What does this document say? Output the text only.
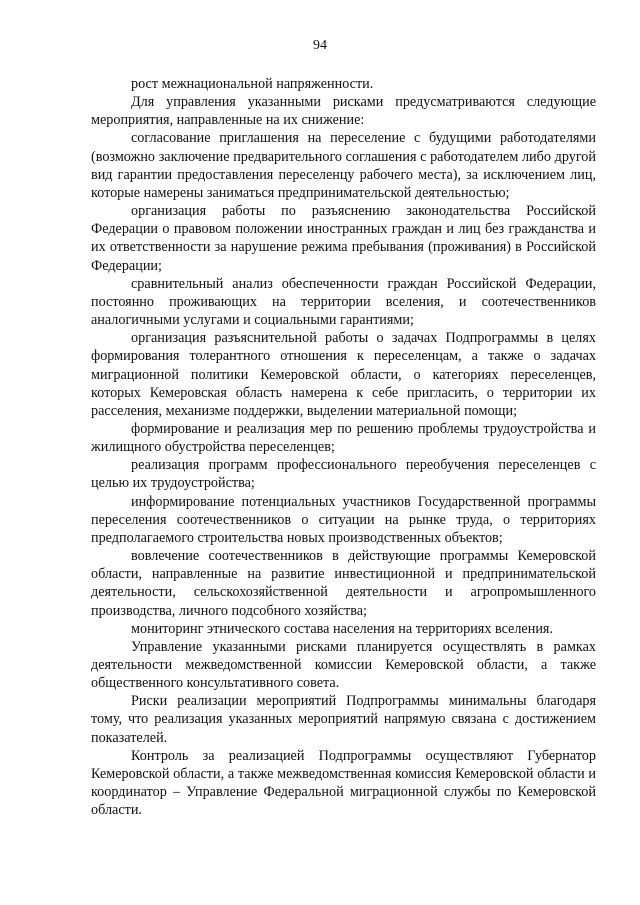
94

рост межнациональной напряженности.

Для управления указанными рисками предусматриваются следующие мероприятия, направленные на их снижение:

согласование приглашения на переселение с будущими работодателями (возможно заключение предварительного соглашения с работодателем либо другой вид гарантии предоставления переселенцу рабочего места), за исключением лиц, которые намерены заниматься предпринимательской деятельностью;

организация работы по разъяснению законодательства Российской Федерации о правовом положении иностранных граждан и лиц без гражданства и их ответственности за нарушение режима пребывания (проживания) в Российской Федерации;

сравнительный анализ обеспеченности граждан Российской Федерации, постоянно проживающих на территории вселения, и соотечественников аналогичными услугами и социальными гарантиями;

организация разъяснительной работы о задачах Подпрограммы в целях формирования толерантного отношения к переселенцам, а также о задачах миграционной политики Кемеровской области, о категориях переселенцев, которых Кемеровская область намерена к себе пригласить, о территории их расселения, механизме поддержки, выделении материальной помощи;

формирование и реализация мер по решению проблемы трудоустройства и жилищного обустройства переселенцев;

реализация программ профессионального переобучения переселенцев с целью их трудоустройства;

информирование потенциальных участников Государственной программы переселения соотечественников о ситуации на рынке труда, о территориях предполагаемого строительства новых производственных объектов;

вовлечение соотечественников в действующие программы Кемеровской области, направленные на развитие инвестиционной и предпринимательской деятельности, сельскохозяйственной деятельности и агропромышленного производства, личного подсобного хозяйства;

мониторинг этнического состава населения на территориях вселения.

Управление указанными рисками планируется осуществлять в рамках деятельности межведомственной комиссии Кемеровской области, а также общественного консультативного совета.

Риски реализации мероприятий Подпрограммы минимальны благодаря тому, что реализация указанных мероприятий напрямую связана с достижением показателей.

Контроль за реализацией Подпрограммы осуществляют Губернатор Кемеровской области, а также межведомственная комиссия Кемеровской области и координатор – Управление Федеральной миграционной службы по Кемеровской области.
